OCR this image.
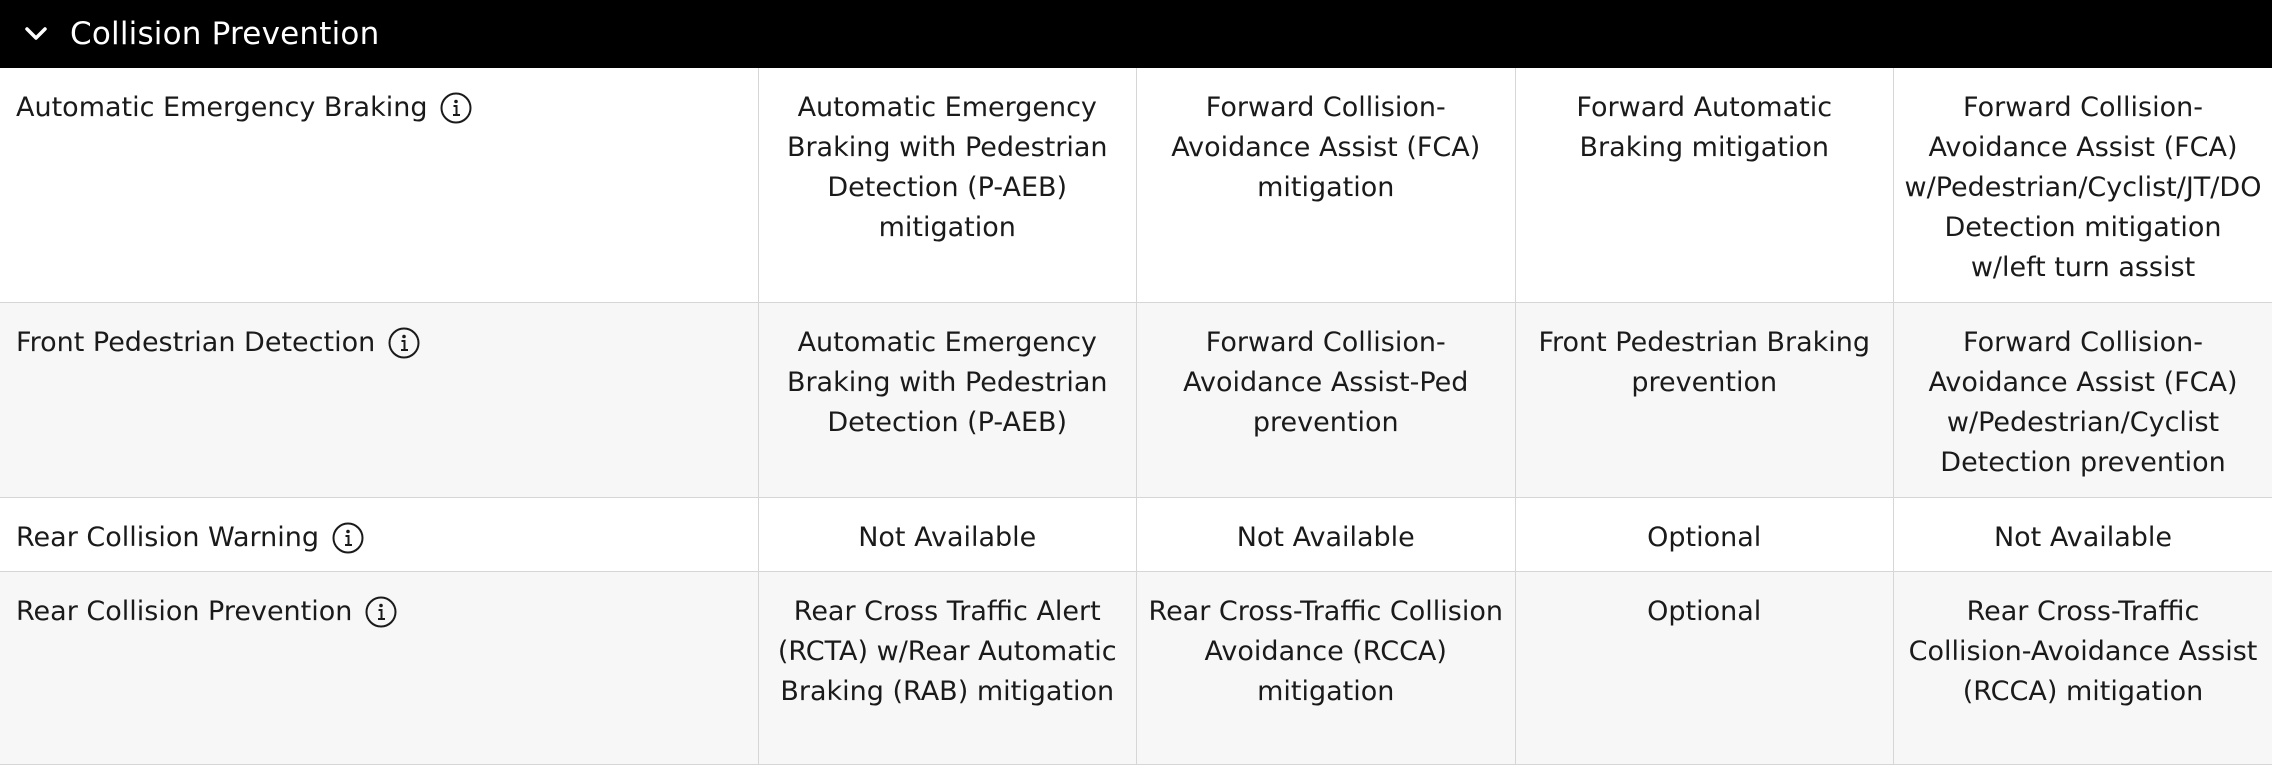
Collision Prevention
Automatic Emergency Braking	Automatic Emergency Braking with Pedestrian Detection (P-AEB) mitigation	Forward Collision-Avoidance Assist (FCA) mitigation	Forward Automatic Braking mitigation	Forward Collision-Avoidance Assist (FCA) w/Pedestrian/Cyclist/JT/DO Detection mitigation w/left turn assist

Front Pedestrian Detection	Automatic Emergency Braking with Pedestrian Detection (P-AEB)	Forward Collision-Avoidance Assist-Ped prevention	Front Pedestrian Braking prevention	Forward Collision-Avoidance Assist (FCA) w/Pedestrian/Cyclist Detection prevention

Rear Collision Warning	Not Available	Not Available	Optional	Not Available

Rear Collision Prevention	Rear Cross Traffic Alert (RCTA) w/Rear Automatic Braking (RAB) mitigation	Rear Cross-Traffic Collision Avoidance (RCCA) mitigation	Optional	Rear Cross-Traffic Collision-Avoidance Assist (RCCA) mitigation
